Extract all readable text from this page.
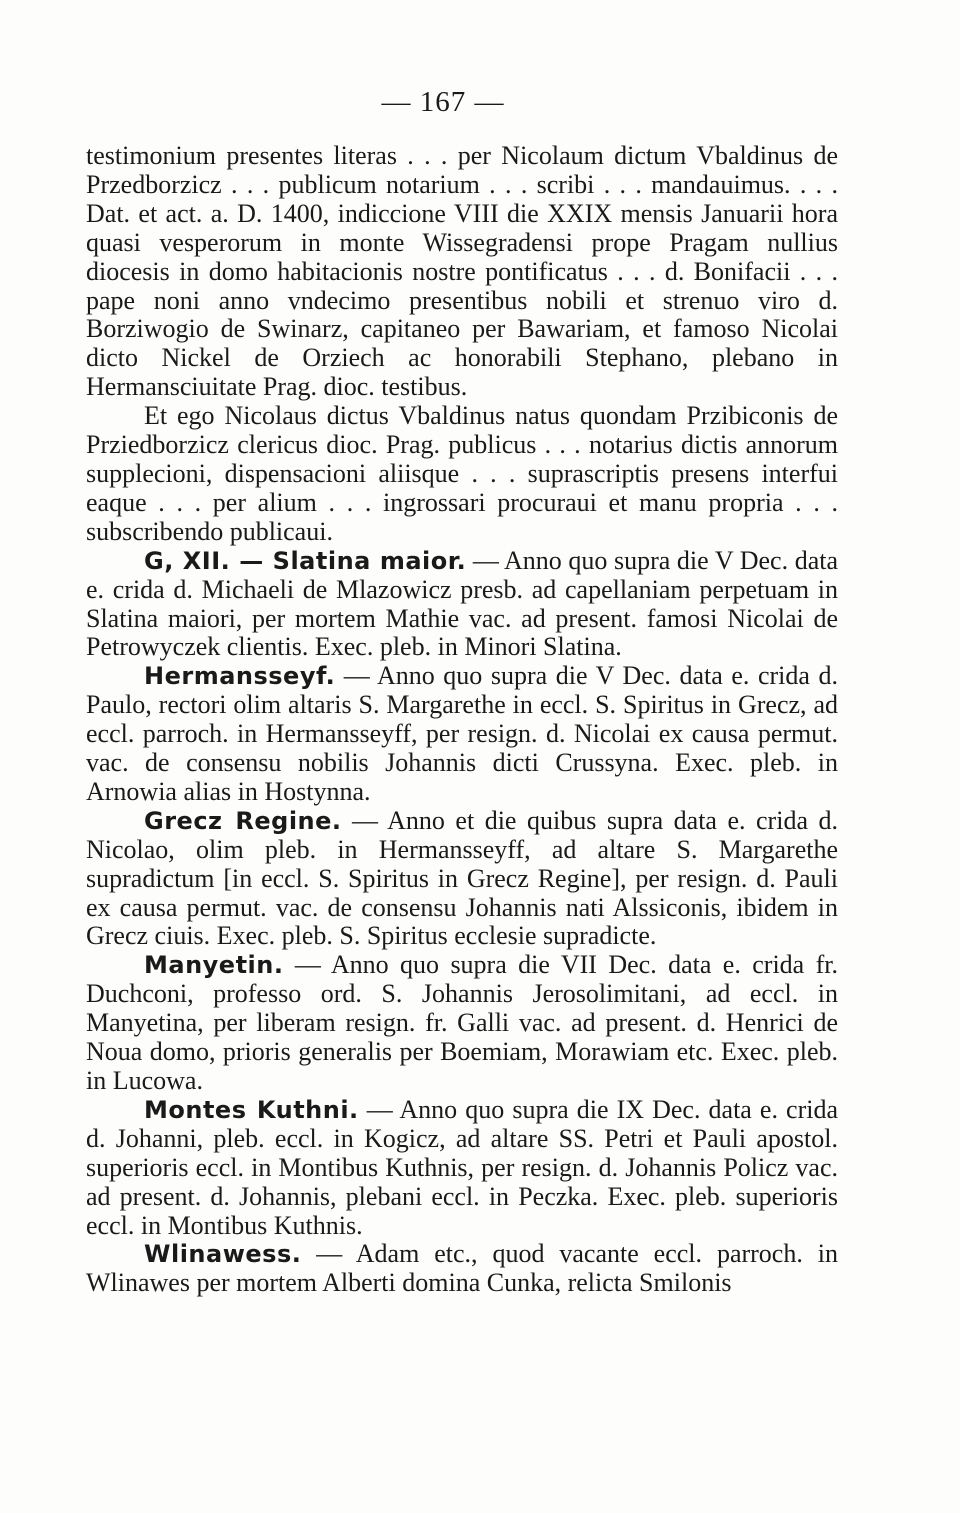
— 167 —

testimonium presentes literas . . . per Nicolaum dictum Vbaldinus de Przedborzicz . . . publicum notarium . . . scribi . . . mandauimus. . . . Dat. et act. a. D. 1400, indiccione VIII die XXIX mensis Januarii hora quasi vesperorum in monte Wissegradensi prope Pragam nullius diocesis in domo habitacionis nostre pontificatus . . . d. Bonifacii . . . pape noni anno vndecimo presentibus nobili et strenuo viro d. Borziwogio de Swinarz, capitaneo per Bawariam, et famoso Nicolai dicto Nickel de Orziech ac honorabili Stephano, plebano in Hermansciuitate Prag. dioc. testibus.

Et ego Nicolaus dictus Vbaldinus natus quondam Przibiconis de Prziedborzicz clericus dioc. Prag. publicus . . . notarius dictis annorum supplecioni, dispensacioni aliisque . . . suprascriptis presens interfui eaque . . . per alium . . . ingrossari procuraui et manu propria . . . subscribendo publicaui.

G, XII. — Slatina maior. — Anno quo supra die V Dec. data e. crida d. Michaeli de Mlazowicz presb. ad capellaniam perpetuam in Slatina maiori, per mortem Mathie vac. ad present. famosi Nicolai de Petrowyczek clientis. Exec. pleb. in Minori Slatina.

Hermansseyf. — Anno quo supra die V Dec. data e. crida d. Paulo, rectori olim altaris S. Margarethe in eccl. S. Spiritus in Grecz, ad eccl. parroch. in Hermansseyff, per resign. d. Nicolai ex causa permut. vac. de consensu nobilis Johannis dicti Crussyna. Exec. pleb. in Arnowia alias in Hostynna.

Grecz Regine. — Anno et die quibus supra data e. crida d. Nicolao, olim pleb. in Hermansseyff, ad altare S. Margarethe supradictum [in eccl. S. Spiritus in Grecz Regine], per resign. d. Pauli ex causa permut. vac. de consensu Johannis nati Alssiconis, ibidem in Grecz ciuis. Exec. pleb. S. Spiritus ecclesie supradicte.

Manyetin. — Anno quo supra die VII Dec. data e. crida fr. Duchconi, professo ord. S. Johannis Jerosolimitani, ad eccl. in Manyetina, per liberam resign. fr. Galli vac. ad present. d. Henrici de Noua domo, prioris generalis per Boemiam, Morawiam etc. Exec. pleb. in Lucowa.

Montes Kuthni. — Anno quo supra die IX Dec. data e. crida d. Johanni, pleb. eccl. in Kogicz, ad altare SS. Petri et Pauli apostol. superioris eccl. in Montibus Kuthnis, per resign. d. Johannis Policz vac. ad present. d. Johannis, plebani eccl. in Peczka. Exec. pleb. superioris eccl. in Montibus Kuthnis.

Wlinawess. — Adam etc., quod vacante eccl. parroch. in Wlinawes per mortem Alberti domina Cunka, relicta Smilonis
